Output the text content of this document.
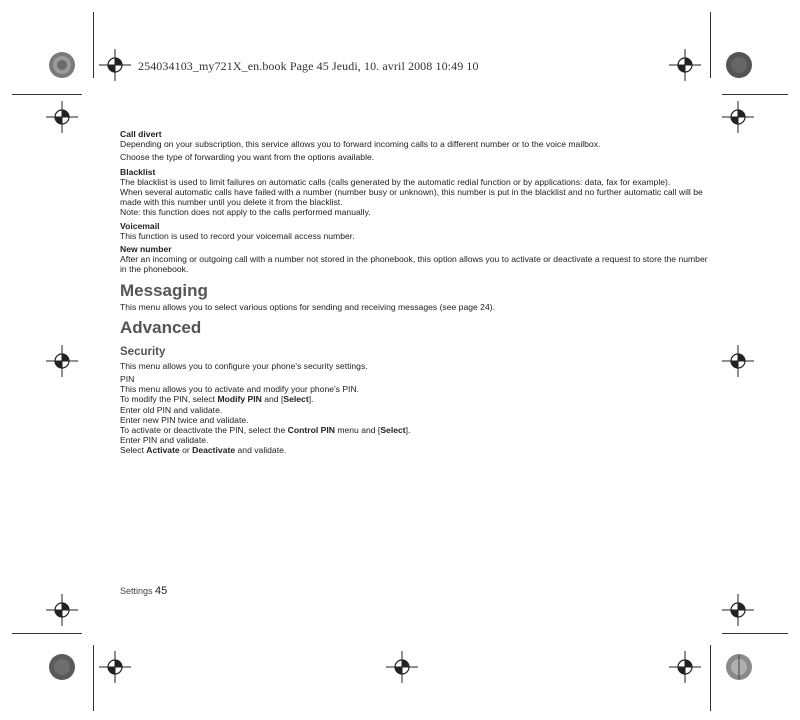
254034103_my721X_en.book Page 45 Jeudi, 10. avril 2008 10:49 10

Call divert

Depending on your subscription, this service allows you to forward incoming calls to a different number or to the voice mailbox.

Choose the type of forwarding you want from the options available.

Blacklist

The blacklist is used to limit failures on automatic calls (calls generated by the automatic redial function or by applications: data, fax for example).

When several automatic calls have failed with a number (number busy or unknown), this number is put in the blacklist and no further automatic call will be made with this number until you delete it from the blacklist.

Note: this function does not apply to the calls performed manually.

Voicemail

This function is used to record your voicemail access number.

New number

After an incoming or outgoing call with a number not stored in the phonebook, this option allows you to activate or deactivate a request to store the number in the phonebook.

Messaging

This menu allows you to select various options for sending and receiving messages (see page 24).

Advanced

Security

This menu allows you to configure your phone's security settings.

PIN

This menu allows you to activate and modify your phone's PIN.

To modify the PIN, select Modify PIN and [Select].

Enter old PIN and validate.

Enter new PIN twice and validate.

To activate or deactivate the PIN, select the Control PIN menu and [Select].

Enter PIN and validate.

Select Activate or Deactivate and validate.

Settings 45
